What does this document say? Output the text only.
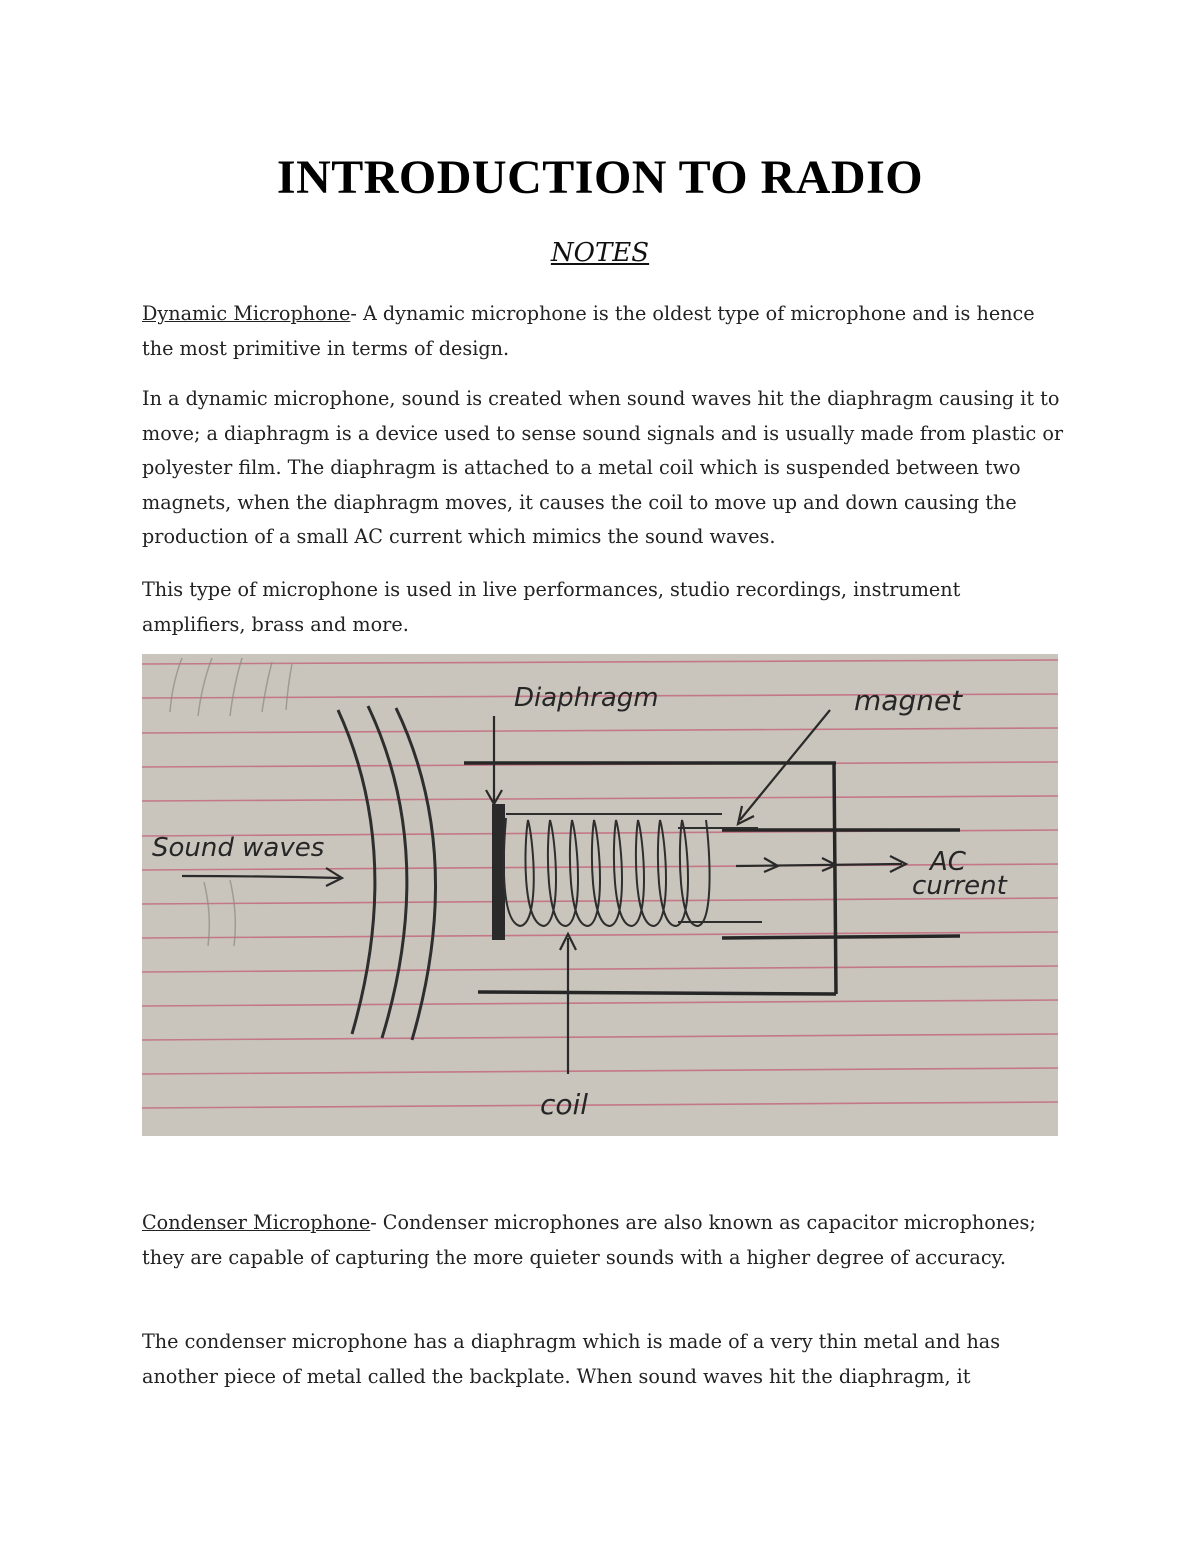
INTRODUCTION TO RADIO
NOTES

Dynamic Microphone- A dynamic microphone is the oldest type of microphone and is hence the most primitive in terms of design.

In a dynamic microphone, sound is created when sound waves hit the diaphragm causing it to move; a diaphragm is a device used to sense sound signals and is usually made from plastic or polyester film. The diaphragm is attached to a metal coil which is suspended between two magnets, when the diaphragm moves, it causes the coil to move up and down causing the production of a small AC current which mimics the sound waves.

This type of microphone is used in live performances, studio recordings, instrument amplifiers, brass and more.

Sound waves
Diaphragm	magnet
AC
current
coil

Condenser Microphone- Condenser microphones are also known as capacitor microphones; they are capable of capturing the more quieter sounds with a higher degree of accuracy.

The condenser microphone has a diaphragm which is made of a very thin metal and has another piece of metal called the backplate. When sound waves hit the diaphragm, it
